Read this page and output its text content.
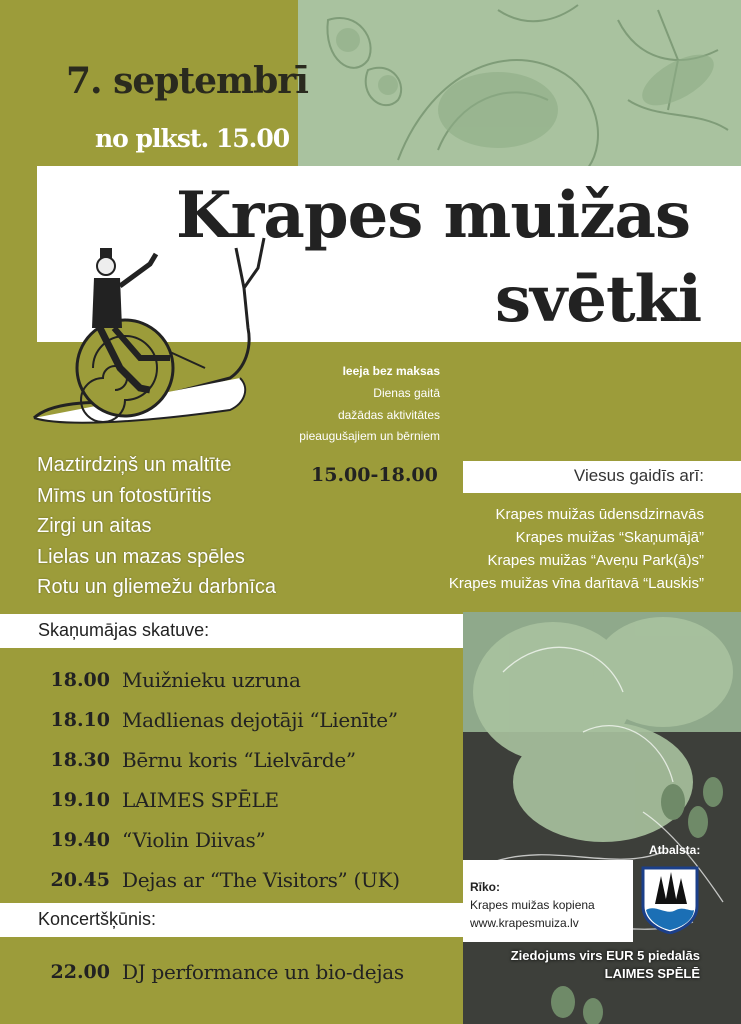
7. septembrī
no plkst. 15.00
Krapes muižas
svētki
Ieeja bez maksas
Dienas gaitā
dažādas aktivitātes
pieaugušajiem un bērniem
15.00-18.00
Maztirdziņš un maltīte
Mīms un fotostūrītis
Zirgi un aitas
Lielas un mazas spēles
Rotu un gliemežu darbnīca
Viesus gaidīs arī:
Krapes muižas ūdensdzirnavās
Krapes muižas “Skaņumājā”
Krapes muižas “Aveņu Park(ā)s”
Krapes muižas vīna darītavā “Lauskis”
Skaņumājas skatuve:
18.00 Muižnieku uzruna
18.10 Madlienas dejotāji “Lienīte”
18.30 Bērnu koris “Lielvārde”
19.10 LAIMES SPĒLE
19.40 “Violin Diivas”
20.45 Dejas ar “The Visitors” (UK)
Koncertšķūnis:
22.00 DJ performance un bio-dejas
Rīko:
Krapes muižas kopiena
www.krapesmuiza.lv
Atbalsta:
Ziedojums virs EUR 5 piedalās
LAIMES SPĒLĒ
